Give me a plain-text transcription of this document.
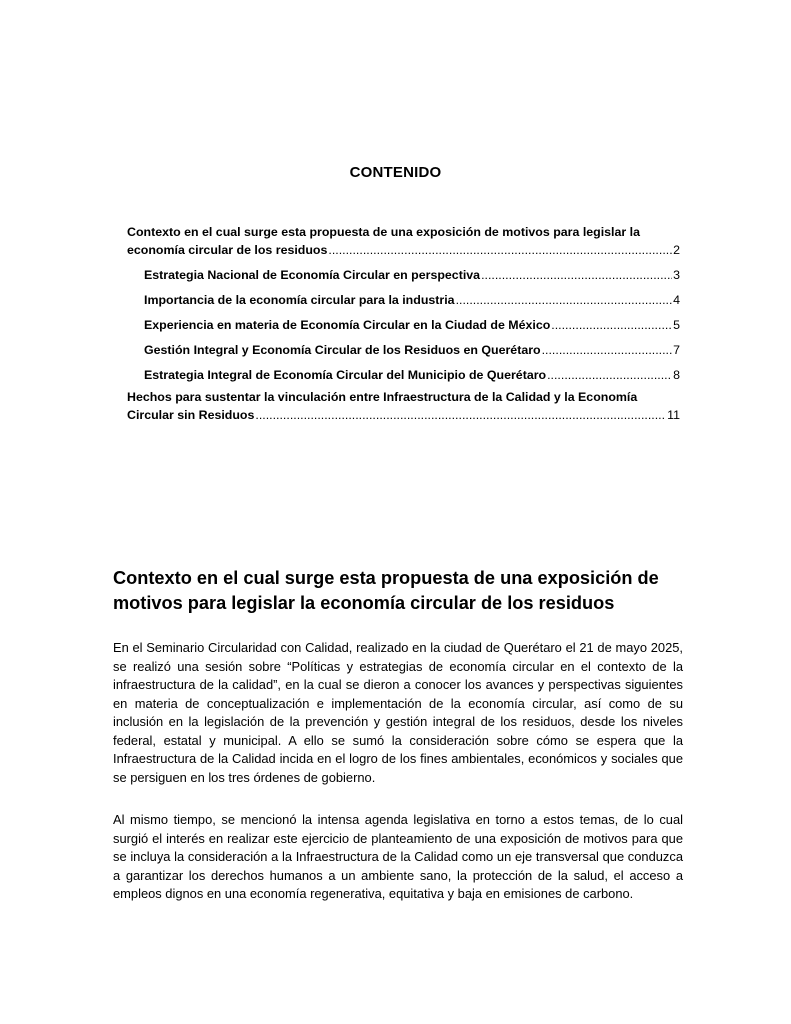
CONTENIDO
Contexto en el cual surge esta propuesta de una exposición de motivos para legislar la
economía circular de los residuos .....	2
Estrategia Nacional de Economía Circular en perspectiva .....	3
Importancia de la economía circular para la industria .....	4
Experiencia en materia de Economía Circular en la Ciudad de México .....	5
Gestión Integral y Economía Circular de los Residuos en Querétaro .....	7
Estrategia Integral de Economía Circular del Municipio de Querétaro .....	8
Hechos para sustentar la vinculación entre Infraestructura de la Calidad y la Economía
Circular sin Residuos .....	11
Contexto en el cual surge esta propuesta de una exposición de motivos para legislar la economía circular de los residuos

En el Seminario Circularidad con Calidad, realizado en la ciudad de Querétaro el 21 de mayo 2025, se realizó una sesión sobre “Políticas y estrategias de economía circular en el contexto de la infraestructura de la calidad”, en la cual se dieron a conocer los avances y perspectivas siguientes en materia de conceptualización e implementación de la economía circular, así como de su inclusión en la legislación de la prevención y gestión integral de los residuos, desde los niveles federal, estatal y municipal. A ello se sumó la consideración sobre cómo se espera que la Infraestructura de la Calidad incida en el logro de los fines ambientales, económicos y sociales que se persiguen en los tres órdenes de gobierno.

Al mismo tiempo, se mencionó la intensa agenda legislativa en torno a estos temas, de lo cual surgió el interés en realizar este ejercicio de planteamiento de una exposición de motivos para que se incluya la consideración a la Infraestructura de la Calidad como un eje transversal que conduzca a garantizar los derechos humanos a un ambiente sano, la protección de la salud, el acceso a empleos dignos en una economía regenerativa, equitativa y baja en emisiones de carbono.
